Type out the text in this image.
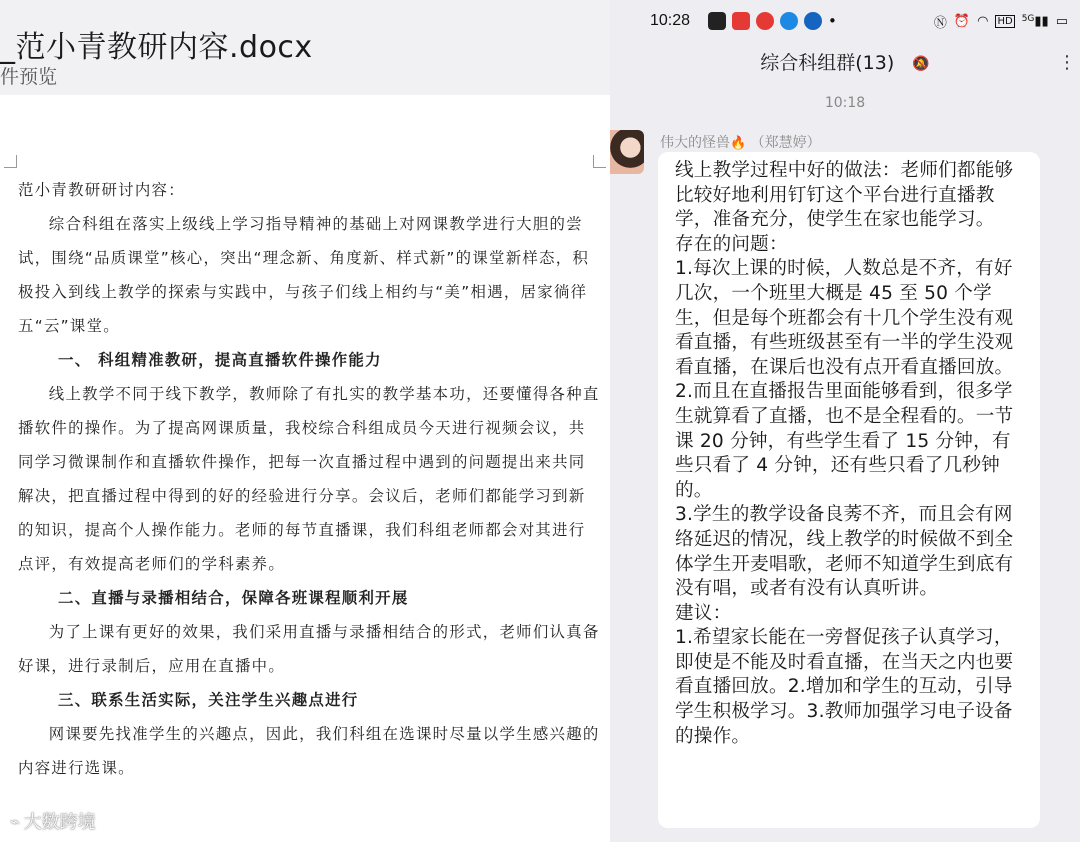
_范小青教研内容.docx
件预览

范小青教研研讨内容：

综合科组在落实上级线上学习指导精神的基础上对网课教学进行大胆的尝试，围绕“品质课堂”核心，突出“理念新、角度新、样式新”的课堂新样态，积极投入到线上教学的探索与实践中，与孩子们线上相约与“美”相遇，居家徜徉五“云”课堂。

一、 科组精准教研，提高直播软件操作能力

线上教学不同于线下教学，教师除了有扎实的教学基本功，还要懂得各种直播软件的操作。为了提高网课质量，我校综合科组成员今天进行视频会议，共同学习微课制作和直播软件操作，把每一次直播过程中遇到的问题提出来共同解决，把直播过程中得到的好的经验进行分享。会议后，老师们都能学习到新的知识，提高个人操作能力。老师的每节直播课，我们科组老师都会对其进行点评，有效提高老师们的学科素养。

二、直播与录播相结合，保障各班课程顺利开展

为了上课有更好的效果，我们采用直播与录播相结合的形式，老师们认真备好课，进行录制后，应用在直播中。

三、联系生活实际，关注学生兴趣点进行

网课要先找准学生的兴趣点，因此，我们科组在选课时尽量以学生感兴趣的内容进行选课。

⌁ 大数跨境
10:28	•	Ⓝ ⏰ ◠ HD 5G▮▮ ▭
综合科组群(13) 🔕	⋮
10:18
伟大的怪兽🔥 （郑慧婷）

线上教学过程中好的做法：老师们都能够比较好地利用钉钉这个平台进行直播教学，准备充分，使学生在家也能学习。

存在的问题：

1.每次上课的时候，人数总是不齐，有好几次，一个班里大概是 45 至 50 个学生，但是每个班都会有十几个学生没有观看直播，有些班级甚至有一半的学生没观看直播，在课后也没有点开看直播回放。

2.而且在直播报告里面能够看到，很多学生就算看了直播，也不是全程看的。一节课 20 分钟，有些学生看了 15 分钟，有些只看了 4 分钟，还有些只看了几秒钟的。

3.学生的教学设备良莠不齐，而且会有网络延迟的情况，线上教学的时候做不到全体学生开麦唱歌，老师不知道学生到底有没有唱，或者有没有认真听讲。

建议：

1.希望家长能在一旁督促孩子认真学习，即使是不能及时看直播，在当天之内也要看直播回放。2.增加和学生的互动，引导学生积极学习。3.教师加强学习电子设备的操作。
